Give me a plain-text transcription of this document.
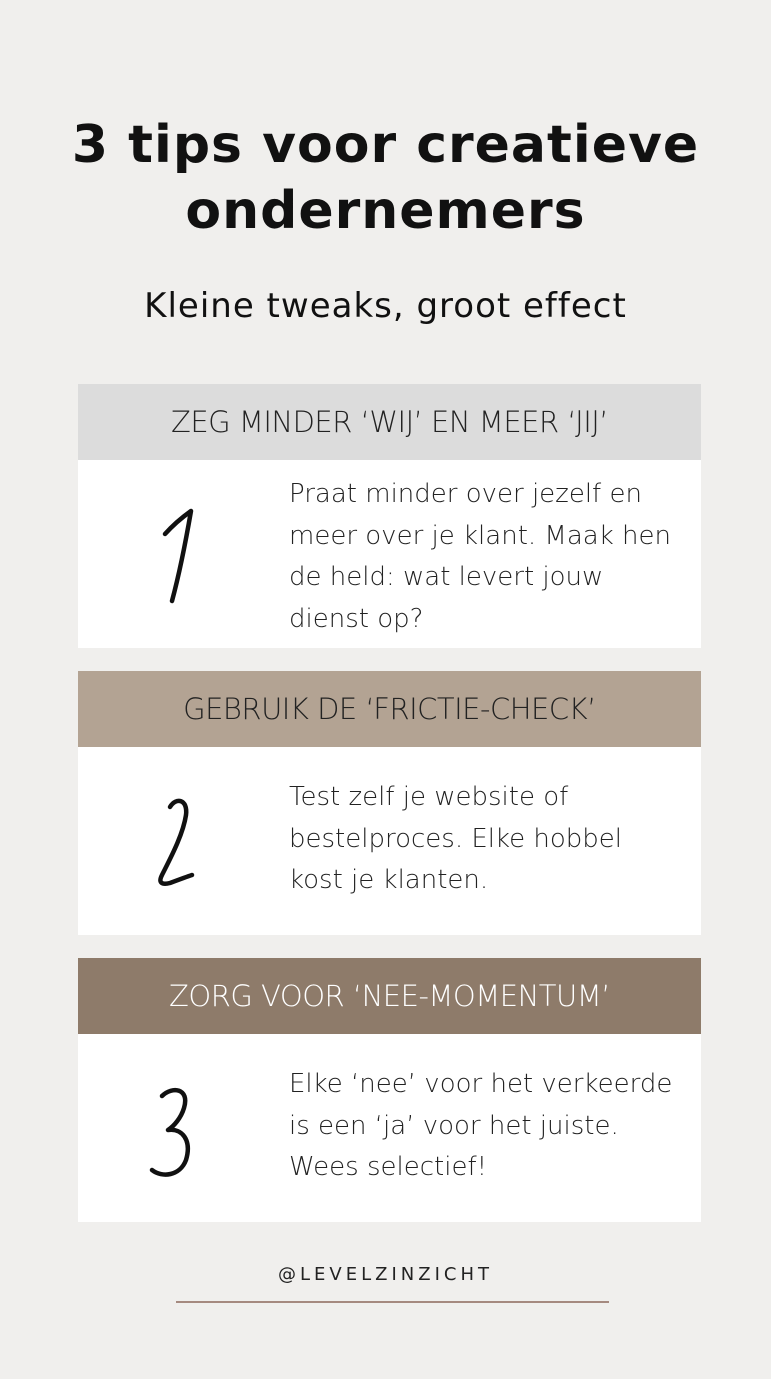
3 tips voor creatieve ondernemers
Kleine tweaks, groot effect
ZEG MINDER ‘WIJ’ EN MEER ‘JIJ’
Praat minder over jezelf en meer over je klant. Maak hen de held: wat levert jouw dienst op?
GEBRUIK DE ‘FRICTIE-CHECK’
Test zelf je website of bestelproces. Elke hobbel kost je klanten.
ZORG VOOR ‘NEE-MOMENTUM’
Elke ‘nee’ voor het verkeerde is een ‘ja’ voor het juiste. Wees selectief!
@LEVELZINZICHT
